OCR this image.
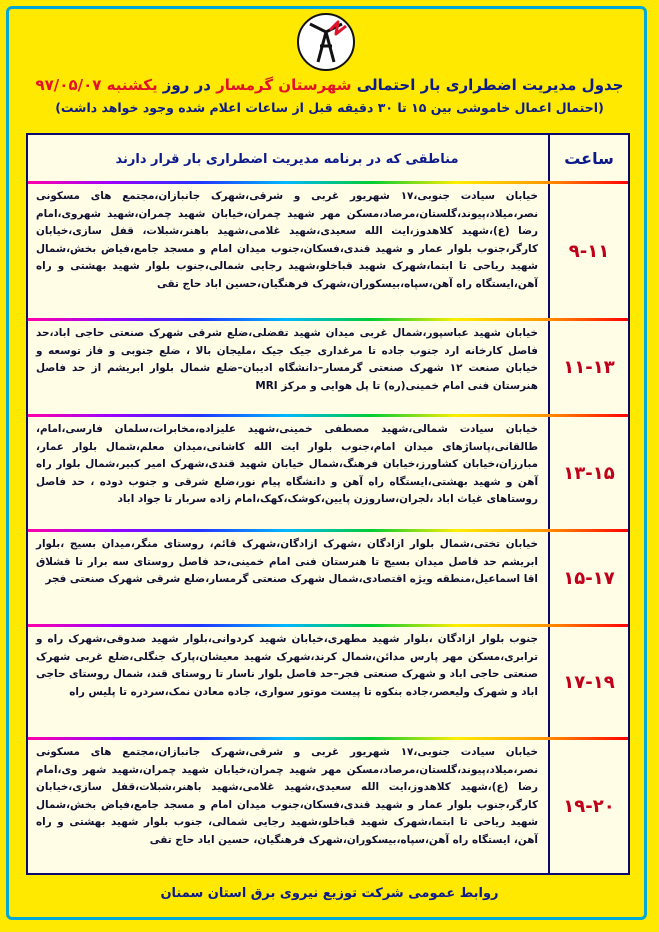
جدول مدیریت اضطراری بار احتمالی شهرستان گرمسار در روز یکشنبه ۹۷/۰۵/۰۷
(احتمال اعمال خاموشی بین ۱۵ تا ۳۰ دقیقه قبل از ساعات اعلام شده وجود خواهد داشت)
ساعت
مناطقی که در برنامه مدیریت اضطراری بار قرار دارند
۹-۱۱
خیابان سیادت جنوبی،۱۷ شهریور غربی و شرقی،شهرک جانبازان،مجتمع های مسکونی نصر،میلاد،پیوند،گلستان،مرصاد،مسکن مهر شهید چمران،خیابان شهید چمران،شهید شهروی،امام رضا (ع)،شهید کلاهدوز،ایت الله سعیدی،شهید غلامی،شهید باهنر،شبلات، قفل سازی،خیابان کارگر،جنوب بلوار عمار و شهید قندی،فسکان،جنوب میدان امام و مسجد جامع،فیاض بخش،شمال شهید ریاحی تا ابتما،شهرک شهید قباخلو،شهید رجایی شمالی،جنوب بلوار شهید بهشتی و راه آهن،ایستگاه راه آهن،سپاه،بیسکوران،شهرک فرهنگیان،حسین اباد حاج تقی
۱۱-۱۳
خیابان شهید عباسپور،شمال غربی میدان شهید تفضلی،ضلع شرقی شهرک صنعتی حاجی اباد،حد فاصل کارخانه ارد جنوب جاده تا مرغداری جیک جیک ،ملیجان بالا ، ضلع جنوبی و فاز توسعه و خیابان صنعت ۱۲ شهرک صنعتی گرمسار–دانشگاه ادیبان–ضلع شمال بلوار ابریشم از حد فاصل هنرستان فنی امام خمینی(ره) تا پل هوایی و مرکز MRI
۱۳-۱۵
خیابان سیادت شمالی،شهید مصطفی خمینی،شهید علیزاده،مخابرات،سلمان فارسی،امام، طالقانی،پاساژهای میدان امام،جنوب بلوار ایت الله کاشانی،میدان معلم،شمال بلوار عمار، مبارزان،خیابان کشاورز،خیابان فرهنگ،شمال خیابان شهید قندی،شهرک امیر کبیر،شمال بلوار راه آهن و شهید بهشتی،ایستگاه راه آهن و دانشگاه پیام نور،ضلع شرقی و جنوب دوده ، حد فاصل روستاهای غیاث اباد ،لجران،ساروزن پایین،کوشک،کهک،امام زاده سربار تا جواد اباد
۱۵-۱۷
خیابان تختی،شمال بلوار ازادگان ،شهرک ازادگان،شهرک قائم، روستای منگر،میدان بسیج ،بلوار ابریشم حد فاصل میدان بسیج تا هنرستان فنی امام خمینی،حد فاصل روستای سه برار تا قشلاق اقا اسماعیل،منطقه ویژه اقتصادی،شمال شهرک صنعتی گرمسار،ضلع شرقی شهرک صنعتی فجر
۱۷-۱۹
جنوب بلوار ازادگان ،بلوار شهید مطهری،خیابان شهید کردوانی،بلوار شهید صدوقی،شهرک راه و ترابری،مسکن مهر پارس مدائن،شمال کرند،شهرک شهید معیشان،پارک جنگلی،ضلع غربی شهرک صنعتی حاجی اباد و شهرک صنعتی فجر–حد فاصل بلوار ناسار تا روستای قند، شمال روستای حاجی اباد و شهرک ولیعصر،جاده بنکوه تا پیست موتور سواری، جاده معادن نمک،سردره تا پلیس راه
۱۹-۲۰
خیابان سیادت جنوبی،۱۷ شهریور غربی و شرقی،شهرک جانبازان،مجتمع های مسکونی نصر،میلاد،پیوند،گلستان،مرصاد،مسکن مهر شهید چمران،خیابان شهید چمران،شهید شهر وی،امام رضا (ع)،شهید کلاهدوز،ایت الله سعیدی،شهید غلامی،شهید باهنر،شبلات،قفل سازی،خیابان کارگر،جنوب بلوار عمار و شهید قندی،فسکان،جنوب میدان امام و مسجد جامع،فیاض بخش،شمال شهید ریاحی تا ابتما،شهرک شهید قباخلو،شهید رجایی شمالی، جنوب بلوار شهید بهشتی و راه آهن، ایستگاه راه آهن،سپاه،بیسکوران،شهرک فرهنگیان، حسین اباد حاج تقی
روابط عمومی شرکت توزیع نیروی برق استان سمنان
